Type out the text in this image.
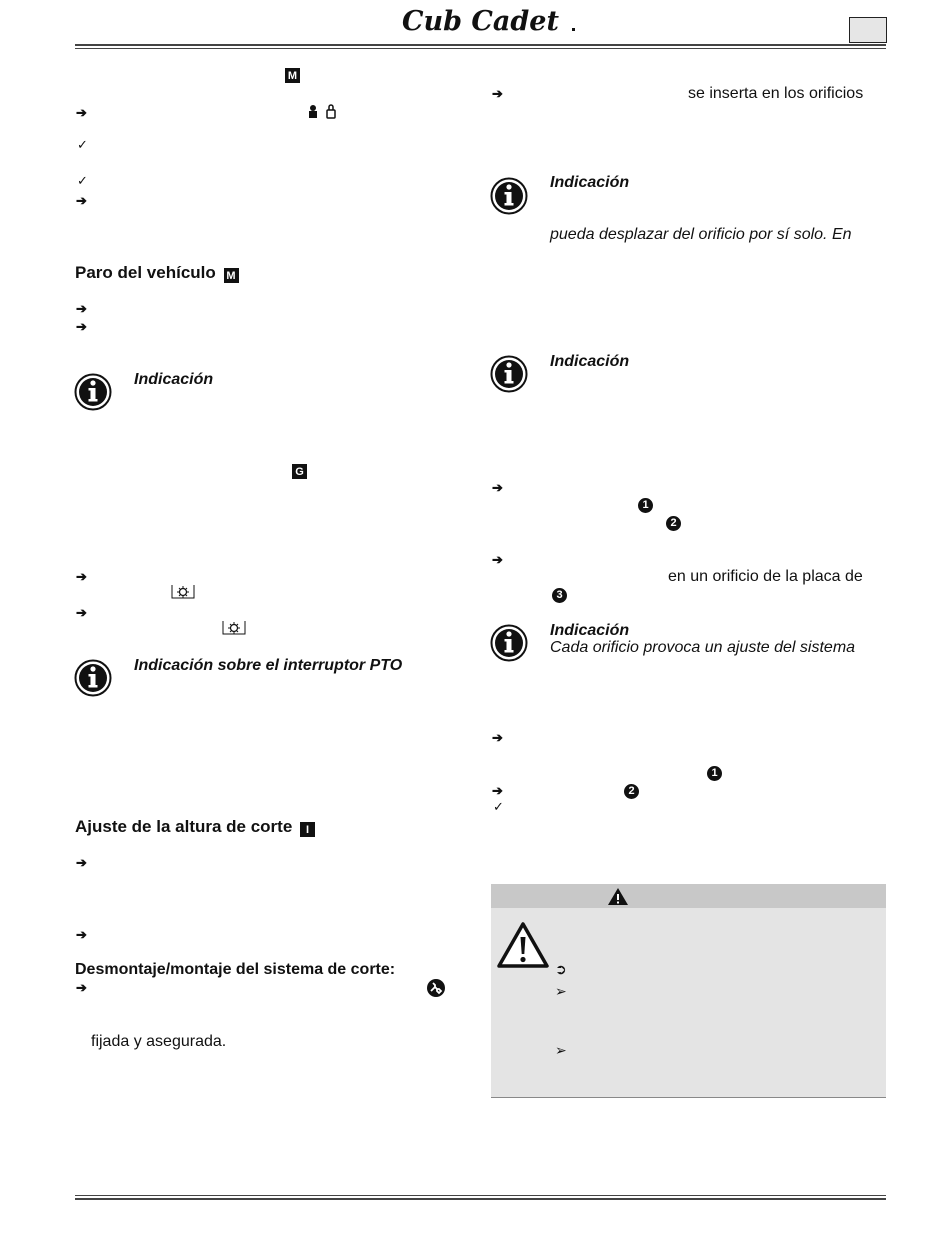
Cub Cadet
M
➔
✓
✓
➔
Paro del vehículo M
➔
➔
Indicación
G
➔
➔
Indicación sobre el interruptor PTO
Ajuste de la altura de corte I
➔
➔
Desmontaje/montaje del sistema de corte:
➔
fijada y asegurada.
➔	se inserta en los orificios
Indicación
pueda desplazar del orificio por sí solo. En
Indicación
➔
1
2
➔
en un orificio de la placa de
3
Indicación
Cada orificio provoca un ajuste del sistema
➔
1
➔	2
✓
➲
➢
➢
